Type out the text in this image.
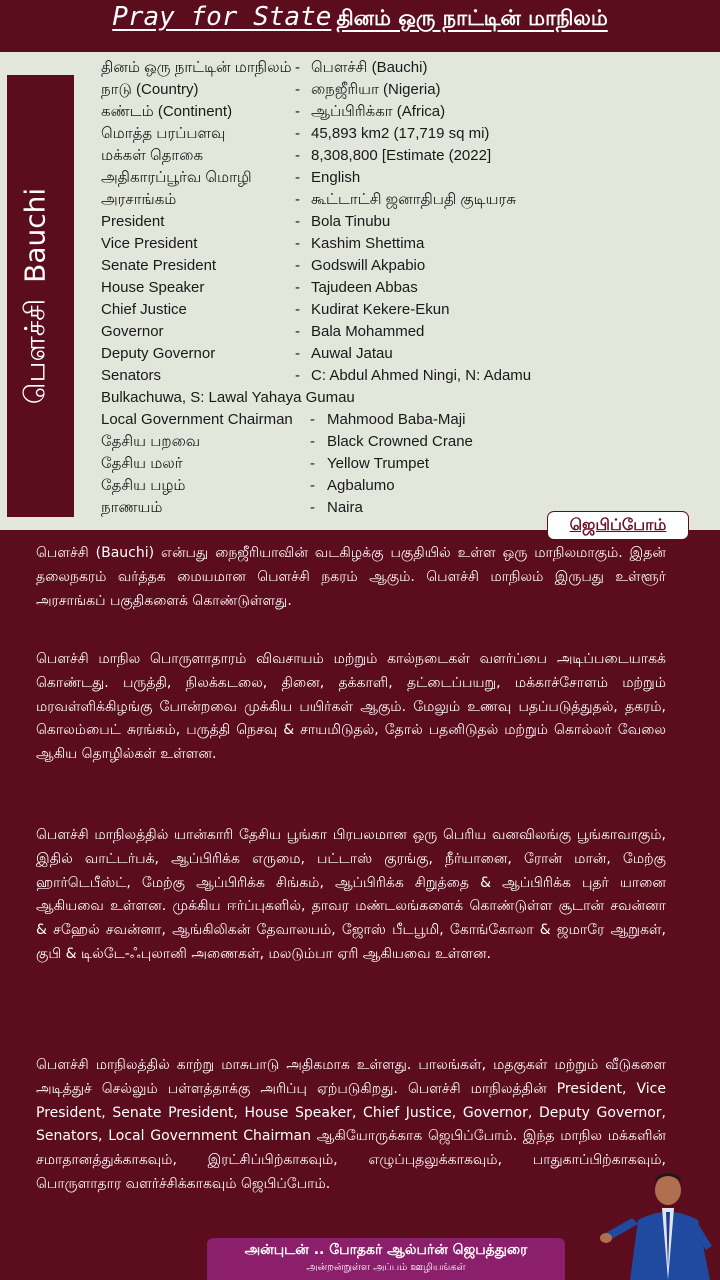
Pray for State தினம் ஒரு நாட்டின் மாநிலம்
பௌச்சிBauchi
தினம் ஒரு நாட்டின் மாநிலம் - பௌச்சி (Bauchi)
நாடு (Country)	- நைஜீரியா (Nigeria)
கண்டம் (Continent)	- ஆப்பிரிக்கா (Africa)
மொத்த பரப்பளவு	- 45,893 km2 (17,719 sq mi)
மக்கள் தொகை	- 8,308,800 [Estimate (2022]
அதிகாரப்பூர்வ மொழி	- English
அரசாங்கம்	- கூட்டாட்சி ஜனாதிபதி குடியரசு
President	- Bola Tinubu
Vice President	- Kashim Shettima
Senate President	- Godswill Akpabio
House Speaker	- Tajudeen Abbas
Chief Justice	- Kudirat Kekere-Ekun
Governor	- Bala Mohammed
Deputy Governor	- Auwal Jatau
Senators	- C: Abdul Ahmed Ningi, N: Adamu
Bulkachuwa, S: Lawal Yahaya Gumau
Local Government Chairman - Mahmood Baba-Maji
தேசிய பறவை	- Black Crowned Crane
தேசிய மலர்	- Yellow Trumpet
தேசிய பழம்	- Agbalumo
நாணயம்	- Naira
ஜெபிப்போம்
பௌச்சி (Bauchi) என்பது நைஜீரியாவின் வடகிழக்கு பகுதியில் உள்ள ஒரு மாநிலமாகும். இதன் தலைநகரம் வர்த்தக மையமான பௌச்சி நகரம் ஆகும். பௌச்சி மாநிலம் இருபது உள்ளூர் அரசாங்கப் பகுதிகளைக் கொண்டுள்ளது.
பௌச்சி மாநில பொருளாதாரம் விவசாயம் மற்றும் கால்நடைகள் வளர்ப்பை அடிப்படையாகக் கொண்டது. பருத்தி, நிலக்கடலை, தினை, தக்காளி, தட்டைப்பயறு, மக்காச்சோளம் மற்றும் மரவள்ளிக்கிழங்கு போன்றவை முக்கிய பயிர்கள் ஆகும். மேலும் உணவு பதப்படுத்துதல், தகரம், கொலம்பைட் சுரங்கம், பருத்தி நெசவு & சாயமிடுதல், தோல் பதனிடுதல் மற்றும் கொல்லர் வேலை ஆகிய தொழில்கள் உள்ளன.
பௌச்சி மாநிலத்தில் யான்காரி தேசிய பூங்கா பிரபலமான ஒரு பெரிய வனவிலங்கு பூங்காவாகும், இதில் வாட்டர்பக், ஆப்பிரிக்க எருமை, பட்டாஸ் குரங்கு, நீர்யானை, ரோன் மான், மேற்கு ஹார்டெபீஸ்ட், மேற்கு ஆப்பிரிக்க சிங்கம், ஆப்பிரிக்க சிறுத்தை & ஆப்பிரிக்க புதர் யானை ஆகியவை உள்ளன. முக்கிய ஈர்ப்புகளில், தாவர மண்டலங்களைக் கொண்டுள்ள சூடான் சவன்னா & சஹேல் சவன்னா, ஆங்கிலிகன் தேவாலயம், ஜோஸ் பீடபூமி, கோங்கோலா & ஜமாரே ஆறுகள், குபி & டில்டே-ஃபுலானி அணைகள், மலடும்பா ஏரி ஆகியவை உள்ளன.
பௌச்சி மாநிலத்தில் காற்று மாசுபாடு அதிகமாக உள்ளது. பாலங்கள், மதகுகள் மற்றும் வீடுகளை அடித்துச் செல்லும் பள்ளத்தாக்கு அரிப்பு ஏற்படுகிறது. பௌச்சி மாநிலத்தின் President, Vice President, Senate President, House Speaker, Chief Justice, Governor, Deputy Governor, Senators, Local Government Chairman ஆகியோருக்காக ஜெபிப்போம். இந்த மாநில மக்களின் சமாதானத்துக்காகவும், இரட்சிப்பிற்காகவும், எழுப்புதலுக்காகவும், பாதுகாப்பிற்காகவும், பொருளாதார வளர்ச்சிக்காகவும் ஜெபிப்போம்.
அன்புடன் .. போதகர் ஆல்பர்ன் ஜெபத்துரை
அன்றன்றுள்ள அப்பம் ஊழியங்கள்
